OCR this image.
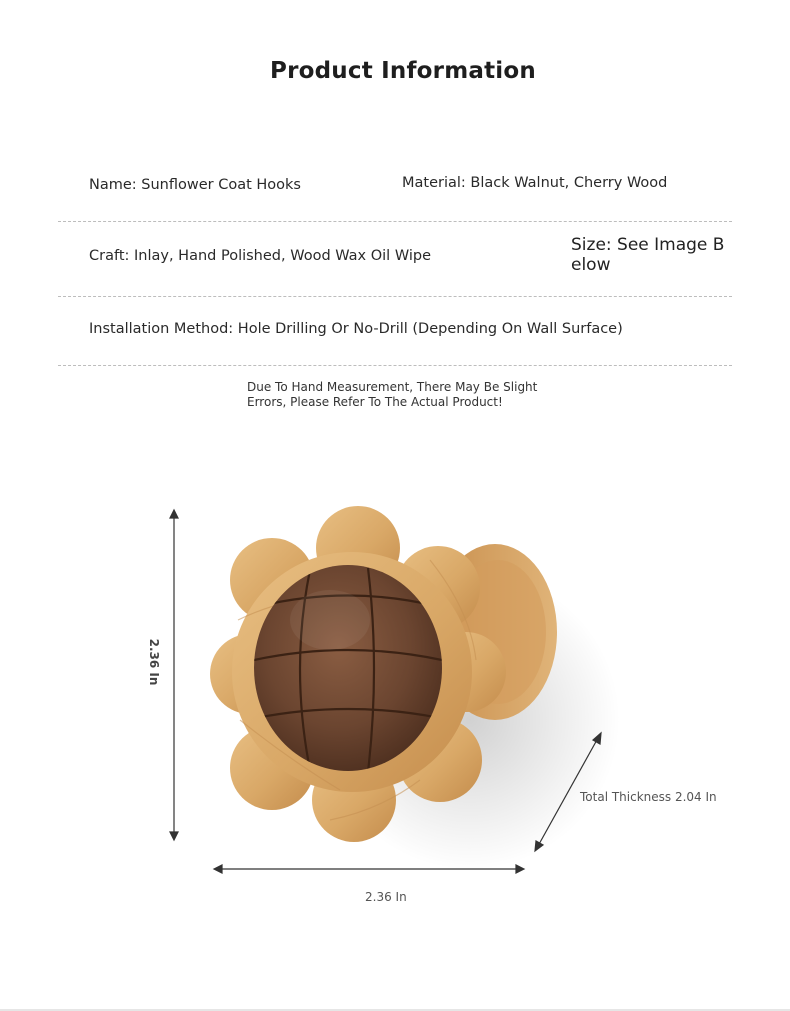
Product Information
Name: Sunflower Coat Hooks	Material: Black Walnut, Cherry Wood
Craft: Inlay, Hand Polished, Wood Wax Oil Wipe
Size: See Image Below
Installation Method: Hole Drilling Or No-Drill (Depending On Wall Surface)
Due To Hand Measurement, There May Be Slight Errors, Please Refer To The Actual Product!
2.36 In
2.36 In
Total Thickness 2.04 In
